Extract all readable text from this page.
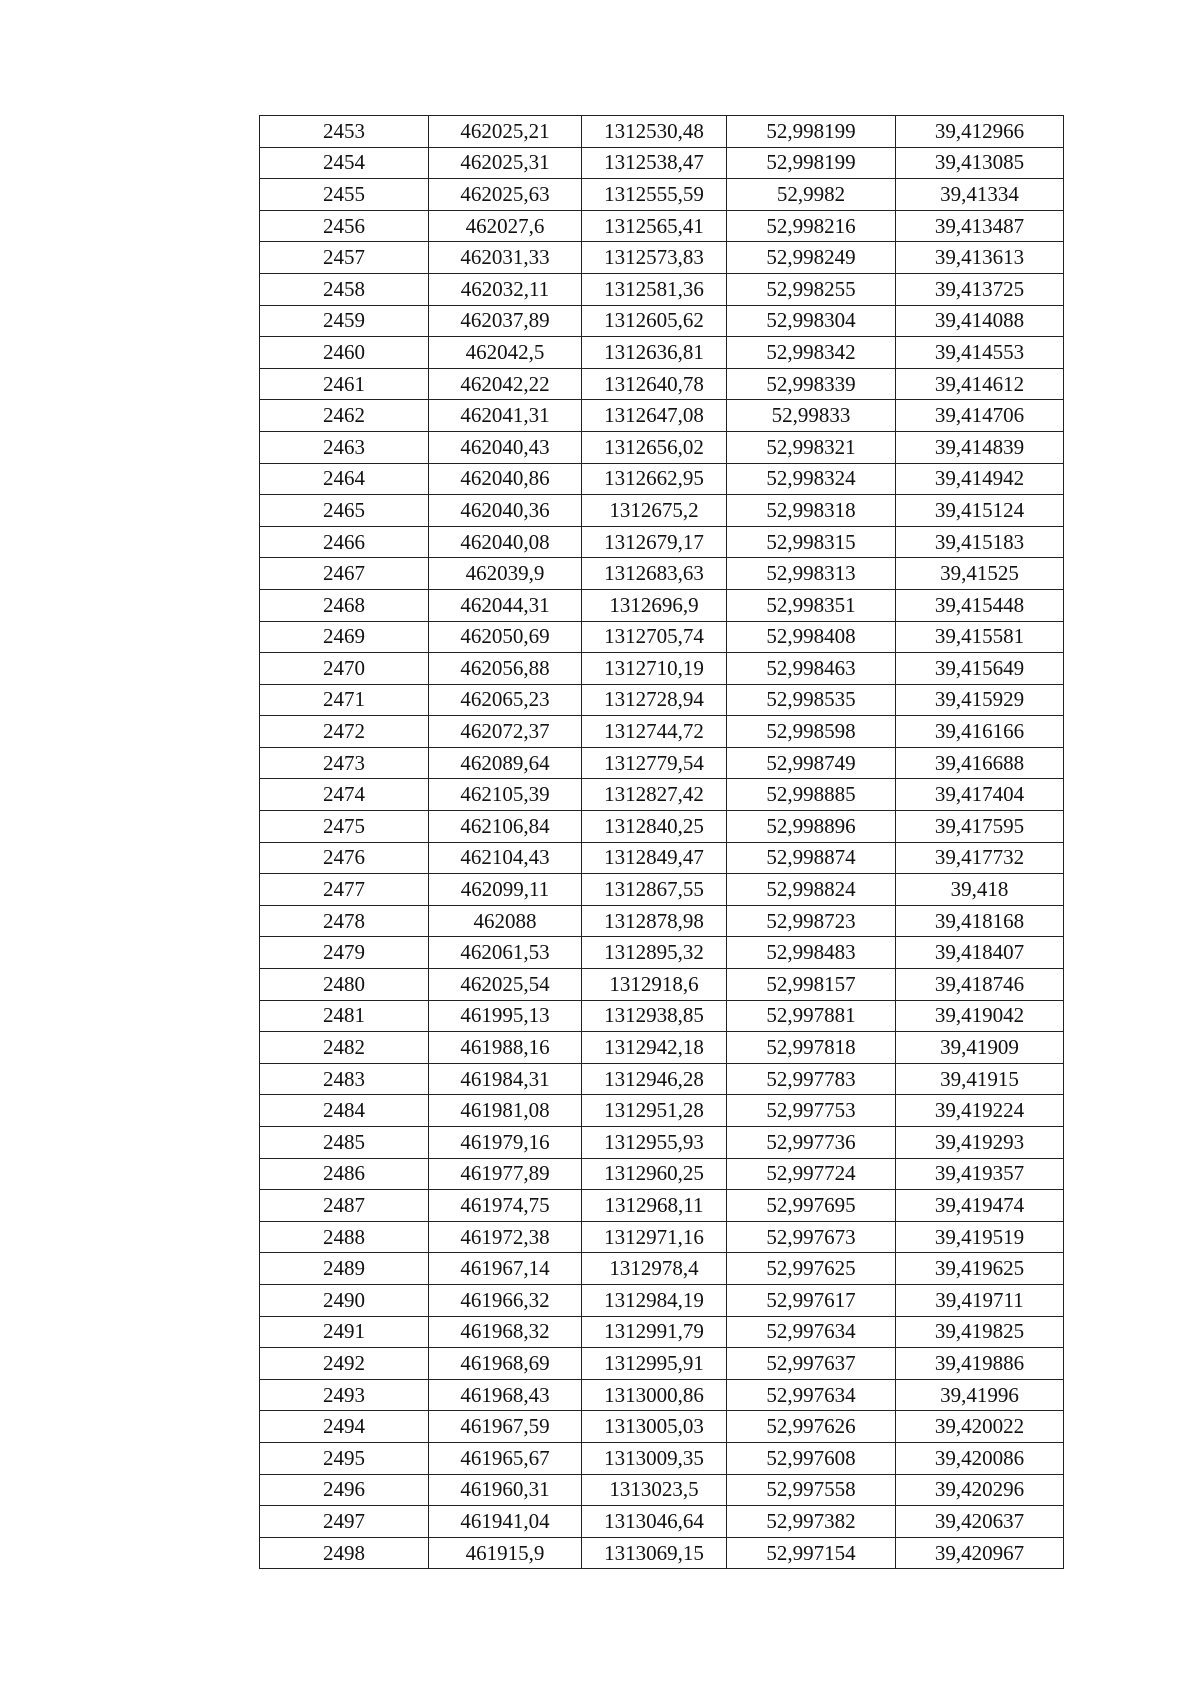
2453	462025,21	1312530,48	52,998199	39,412966
2454	462025,31	1312538,47	52,998199	39,413085
2455	462025,63	1312555,59	52,9982	39,41334
2456	462027,6	1312565,41	52,998216	39,413487
2457	462031,33	1312573,83	52,998249	39,413613
2458	462032,11	1312581,36	52,998255	39,413725
2459	462037,89	1312605,62	52,998304	39,414088
2460	462042,5	1312636,81	52,998342	39,414553
2461	462042,22	1312640,78	52,998339	39,414612
2462	462041,31	1312647,08	52,99833	39,414706
2463	462040,43	1312656,02	52,998321	39,414839
2464	462040,86	1312662,95	52,998324	39,414942
2465	462040,36	1312675,2	52,998318	39,415124
2466	462040,08	1312679,17	52,998315	39,415183
2467	462039,9	1312683,63	52,998313	39,41525
2468	462044,31	1312696,9	52,998351	39,415448
2469	462050,69	1312705,74	52,998408	39,415581
2470	462056,88	1312710,19	52,998463	39,415649
2471	462065,23	1312728,94	52,998535	39,415929
2472	462072,37	1312744,72	52,998598	39,416166
2473	462089,64	1312779,54	52,998749	39,416688
2474	462105,39	1312827,42	52,998885	39,417404
2475	462106,84	1312840,25	52,998896	39,417595
2476	462104,43	1312849,47	52,998874	39,417732
2477	462099,11	1312867,55	52,998824	39,418
2478	462088	1312878,98	52,998723	39,418168
2479	462061,53	1312895,32	52,998483	39,418407
2480	462025,54	1312918,6	52,998157	39,418746
2481	461995,13	1312938,85	52,997881	39,419042
2482	461988,16	1312942,18	52,997818	39,41909
2483	461984,31	1312946,28	52,997783	39,41915
2484	461981,08	1312951,28	52,997753	39,419224
2485	461979,16	1312955,93	52,997736	39,419293
2486	461977,89	1312960,25	52,997724	39,419357
2487	461974,75	1312968,11	52,997695	39,419474
2488	461972,38	1312971,16	52,997673	39,419519
2489	461967,14	1312978,4	52,997625	39,419625
2490	461966,32	1312984,19	52,997617	39,419711
2491	461968,32	1312991,79	52,997634	39,419825
2492	461968,69	1312995,91	52,997637	39,419886
2493	461968,43	1313000,86	52,997634	39,41996
2494	461967,59	1313005,03	52,997626	39,420022
2495	461965,67	1313009,35	52,997608	39,420086
2496	461960,31	1313023,5	52,997558	39,420296
2497	461941,04	1313046,64	52,997382	39,420637
2498	461915,9	1313069,15	52,997154	39,420967
